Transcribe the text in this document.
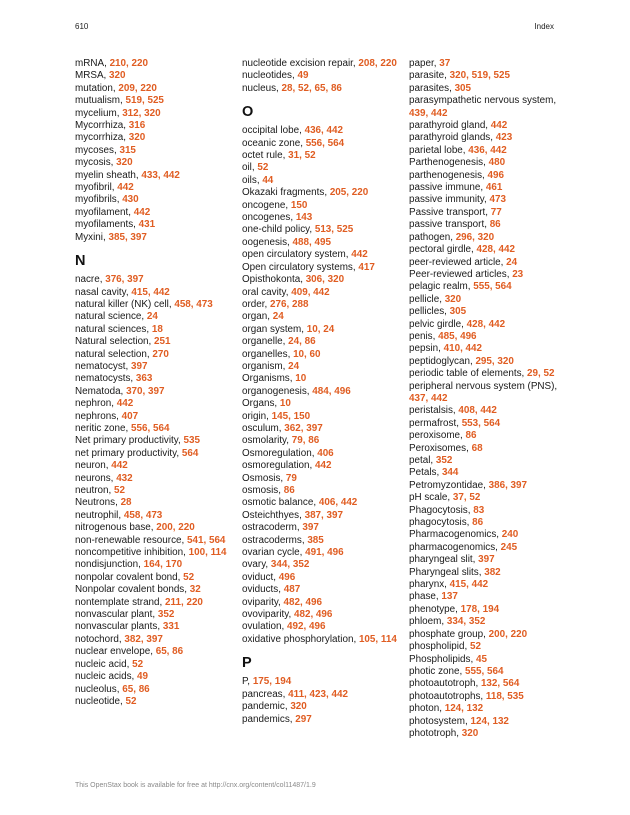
610	Index
mRNA, 210, 220
MRSA, 320
mutation, 209, 220
mutualism, 519, 525
mycelium, 312, 320
Mycorrhiza, 316
mycorrhiza, 320
mycoses, 315
mycosis, 320
myelin sheath, 433, 442
myofibril, 442
myofibrils, 430
myofilament, 442
myofilaments, 431
Myxini, 385, 397
N
nacre, 376, 397
nasal cavity, 415, 442
natural killer (NK) cell, 458, 473
natural science, 24
natural sciences, 18
Natural selection, 251
natural selection, 270
nematocyst, 397
nematocysts, 363
Nematoda, 370, 397
nephron, 442
nephrons, 407
neritic zone, 556, 564
Net primary productivity, 535
net primary productivity, 564
neuron, 442
neurons, 432
neutron, 52
Neutrons, 28
neutrophil, 458, 473
nitrogenous base, 200, 220
non-renewable resource, 541, 564
noncompetitive inhibition, 100, 114
nondisjunction, 164, 170
nonpolar covalent bond, 52
Nonpolar covalent bonds, 32
nontemplate strand, 211, 220
nonvascular plant, 352
nonvascular plants, 331
notochord, 382, 397
nuclear envelope, 65, 86
nucleic acid, 52
nucleic acids, 49
nucleolus, 65, 86
nucleotide, 52
nucleotide excision repair, 208, 220
nucleotides, 49
nucleus, 28, 52, 65, 86
O
occipital lobe, 436, 442
oceanic zone, 556, 564
octet rule, 31, 52
oil, 52
oils, 44
Okazaki fragments, 205, 220
oncogene, 150
oncogenes, 143
one-child policy, 513, 525
oogenesis, 488, 495
open circulatory system, 442
Open circulatory systems, 417
Opisthokonta, 306, 320
oral cavity, 409, 442
order, 276, 288
organ, 24
organ system, 10, 24
organelle, 24, 86
organelles, 10, 60
organism, 24
Organisms, 10
organogenesis, 484, 496
Organs, 10
origin, 145, 150
osculum, 362, 397
osmolarity, 79, 86
Osmoregulation, 406
osmoregulation, 442
Osmosis, 79
osmosis, 86
osmotic balance, 406, 442
Osteichthyes, 387, 397
ostracoderm, 397
ostracoderms, 385
ovarian cycle, 491, 496
ovary, 344, 352
oviduct, 496
oviducts, 487
oviparity, 482, 496
ovoviparity, 482, 496
ovulation, 492, 496
oxidative phosphorylation, 105, 114
P
P, 175, 194
pancreas, 411, 423, 442
pandemic, 320
pandemics, 297
paper, 37
parasite, 320, 519, 525
parasites, 305
parasympathetic nervous system, 439, 442
parathyroid gland, 442
parathyroid glands, 423
parietal lobe, 436, 442
Parthenogenesis, 480
parthenogenesis, 496
passive immune, 461
passive immunity, 473
Passive transport, 77
passive transport, 86
pathogen, 296, 320
pectoral girdle, 428, 442
peer-reviewed article, 24
Peer-reviewed articles, 23
pelagic realm, 555, 564
pellicle, 320
pellicles, 305
pelvic girdle, 428, 442
penis, 485, 496
pepsin, 410, 442
peptidoglycan, 295, 320
periodic table of elements, 29, 52
peripheral nervous system (PNS), 437, 442
peristalsis, 408, 442
permafrost, 553, 564
peroxisome, 86
Peroxisomes, 68
petal, 352
Petals, 344
Petromyzontidae, 386, 397
pH scale, 37, 52
Phagocytosis, 83
phagocytosis, 86
Pharmacogenomics, 240
pharmacogenomics, 245
pharyngeal slit, 397
Pharyngeal slits, 382
pharynx, 415, 442
phase, 137
phenotype, 178, 194
phloem, 334, 352
phosphate group, 200, 220
phospholipid, 52
Phospholipids, 45
photic zone, 555, 564
photoautotroph, 132, 564
photoautotrophs, 118, 535
photon, 124, 132
photosystem, 124, 132
phototroph, 320
This OpenStax book is available for free at http://cnx.org/content/col11487/1.9
